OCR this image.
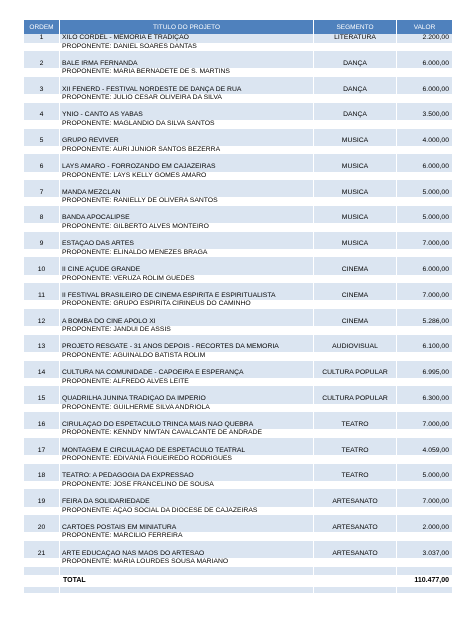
ORDEM	TITULO DO PROJETO	SEGMENTO	VALOR
1	XILO CORDEL - MEMORIA E TRADIÇAO	LITERATURA	2.200,00
	PROPONENTE: DANIEL SOARES DANTAS		

2	BALÉ IRMÃ FERNANDA	DANÇA	6.000,00
	PROPONENTE: MARIA BERNADETE DE S. MARTINS		

3	XII FENERD - FESTIVAL NORDESTE DE DANÇA DE RUA	DANÇA	6.000,00
	PROPONENTE: JULIO CESAR OLIVEIRA DA SILVA		

4	YNIO - CANTO AS YABAS	DANÇA	3.500,00
	PROPONENTE: MAGLANDIO DA SILVA SANTOS		

5	GRUPO REVIVER	MÚSICA	4.000,00
	PROPONENTE: AURI JUNIOR SANTOS BEZERRA		

6	LAYS AMARO - FORROZANDO EM CAJAZEIRAS	MÚSICA	6.000,00
	PROPONENTE: LAYS KELLY GOMES AMARO		

7	MANDA MEZCLAN	MÚSICA	5.000,00
	PROPONENTE: RANIELLY DE OLIVERA SANTOS		

8	BANDA APOCALIPSE	MÚSICA	5.000,00
	PROPONENTE: GILBERTO ALVES MONTEIRO		

9	ESTAÇÃO DAS ARTES	MÚSICA	7.000,00
	PROPONENTE: ELINALDO MENEZES BRAGA		

10	II CINE AÇUDE GRANDE	CINEMA	6.000,00
	PROPONENTE: VERUZA ROLIM GUEDES		

11	II FESTIVAL BRASILEIRO DE CINEMA ESPIRITA E ESPIRITUALISTA	CINEMA	7.000,00
	PROPONENTE: GRUPO ESPIRITA CIRINEUS DO CAMINHO		

12	A BOMBA DO CINE APOLO XI	CINEMA	5.286,00
	PROPONENTE: JANDUI DE ASSIS		

13	PROJETO RESGATE - 31 ANOS DEPOIS - RECORTES DA MEMORIA	AUDIOVISUAL	6.100,00
	PROPONENTE: AGUINALDO BATISTA ROLIM		

14	CULTURA NA COMUNIDADE - CAPOEIRA E ESPERANÇA	CULTURA POPULAR	6.995,00
	PROPONENTE: ALFREDO ALVES LEITE		

15	QUADRILHA JUNINA TRADIÇÃO DA IMPERIO	CULTURA POPULAR	6.300,00
	PROPONENTE: GUILHERME SILVA ANDRIOLA		

16	CIRULAÇÃO DO ESPETACULO TRINCA MAIS NÃO QUEBRA	TEATRO	7.000,00
	PROPONENTE: KENNDY NIWTAN CAVALCANTE DE ANDRADE		

17	MONTAGEM E CIRCULAÇÃO DE ESPETÁCULO TEATRAL	TEATRO	4.059,00
	PROPONENTE: EDIVÂNIA FIGUEIREDO RODRIGUES		

18	TEATRO: A PEDAGOGIA DA EXPRESSÃO	TEATRO	5.000,00
	PROPONENTE: JOSE FRANCELINO DE SOUSA		

19	FEIRA DA SOLIDARIEDADE	ARTESANATO	7.000,00
	PROPONENTE: AÇÃO SOCIAL DA DIOCESE DE CAJAZEIRAS		

20	CARTOES POSTAIS EM MINIATURA	ARTESANATO	2.000,00
	PROPONENTE: MARCILIO FERREIRA		

21	ARTE EDUCAÇÃO NAS MÃOS DO ARTESÃO	ARTESANATO	3.037,00
	PROPONENTE: MARIA LOURDES SOUSA MARIANO		

	TOTAL		110.477,00
